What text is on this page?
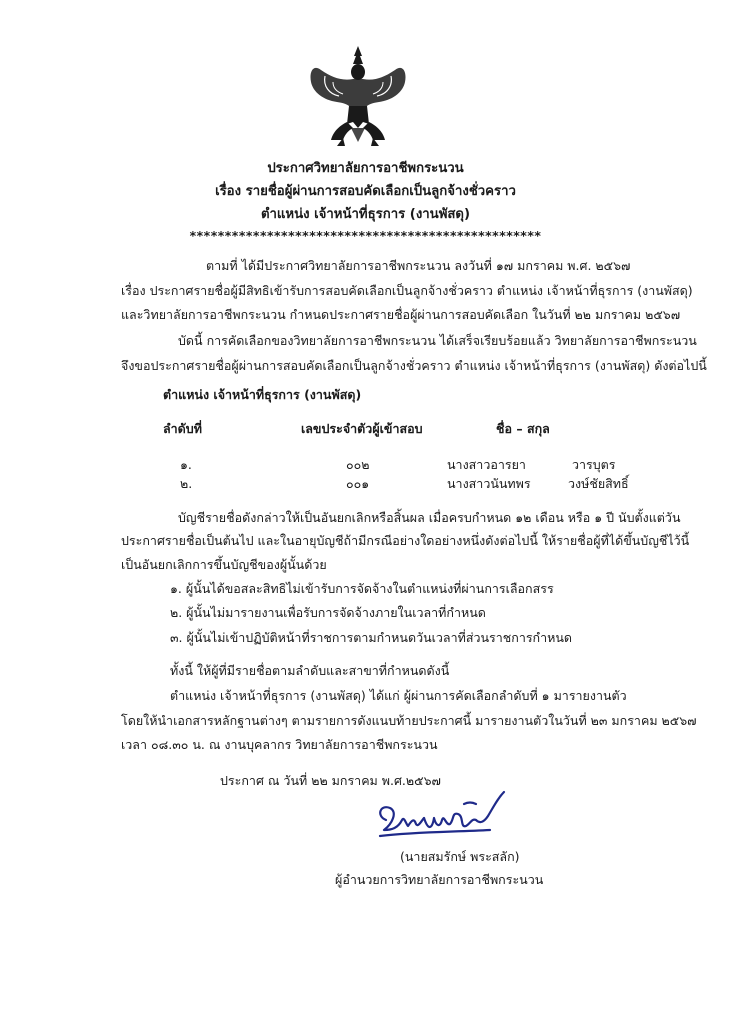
ประกาศวิทยาลัยการอาชีพกระนวน
เรื่อง รายชื่อผู้ผ่านการสอบคัดเลือกเป็นลูกจ้างชั่วคราว
ตำแหน่ง เจ้าหน้าที่ธุรการ (งานพัสดุ)
**************************************************
ตามที่ ได้มีประกาศวิทยาลัยการอาชีพกระนวน ลงวันที่ ๑๗ มกราคม พ.ศ. ๒๕๖๗
เรื่อง ประกาศรายชื่อผู้มีสิทธิเข้ารับการสอบคัดเลือกเป็นลูกจ้างชั่วคราว ตำแหน่ง เจ้าหน้าที่ธุรการ (งานพัสดุ)
และวิทยาลัยการอาชีพกระนวน กำหนดประกาศรายชื่อผู้ผ่านการสอบคัดเลือก ในวันที่ ๒๒ มกราคม ๒๕๖๗
บัดนี้ การคัดเลือกของวิทยาลัยการอาชีพกระนวน ได้เสร็จเรียบร้อยแล้ว วิทยาลัยการอาชีพกระนวน
จึงขอประกาศรายชื่อผู้ผ่านการสอบคัดเลือกเป็นลูกจ้างชั่วคราว ตำแหน่ง เจ้าหน้าที่ธุรการ (งานพัสดุ) ดังต่อไปนี้
ตำแหน่ง เจ้าหน้าที่ธุรการ (งานพัสดุ)
ลำดับที่	เลขประจำตัวผู้เข้าสอบ	ชื่อ – สกุล
๑.	๐๐๒	นางสาวอารยา	วารบุตร
๒.	๐๐๑	นางสาวนันทพร	วงษ์ชัยสิทธิ์
บัญชีรายชื่อดังกล่าวให้เป็นอันยกเลิกหรือสิ้นผล เมื่อครบกำหนด ๑๒ เดือน หรือ ๑ ปี นับตั้งแต่วัน
ประกาศรายชื่อเป็นต้นไป และในอายุบัญชีถ้ามีกรณีอย่างใดอย่างหนึ่งดังต่อไปนี้ ให้รายชื่อผู้ที่ได้ขึ้นบัญชีไว้นี้
เป็นอันยกเลิกการขึ้นบัญชีของผู้นั้นด้วย
๑. ผู้นั้นได้ขอสละสิทธิไม่เข้ารับการจัดจ้างในตำแหน่งที่ผ่านการเลือกสรร
๒. ผู้นั้นไม่มารายงานเพื่อรับการจัดจ้างภายในเวลาที่กำหนด
๓. ผู้นั้นไม่เข้าปฏิบัติหน้าที่ราชการตามกำหนดวันเวลาที่ส่วนราชการกำหนด
ทั้งนี้ ให้ผู้ที่มีรายชื่อตามลำดับและสาขาที่กำหนดดังนี้
ตำแหน่ง เจ้าหน้าที่ธุรการ (งานพัสดุ) ได้แก่ ผู้ผ่านการคัดเลือกลำดับที่ ๑ มารายงานตัว
โดยให้นำเอกสารหลักฐานต่างๆ ตามรายการดังแนบท้ายประกาศนี้ มารายงานตัวในวันที่ ๒๓ มกราคม ๒๕๖๗
เวลา ๐๘.๓๐ น. ณ งานบุคลากร วิทยาลัยการอาชีพกระนวน
ประกาศ ณ วันที่ ๒๒ มกราคม พ.ศ.๒๕๖๗
(นายสมรักษ์ พระสลัก)
ผู้อำนวยการวิทยาลัยการอาชีพกระนวน
